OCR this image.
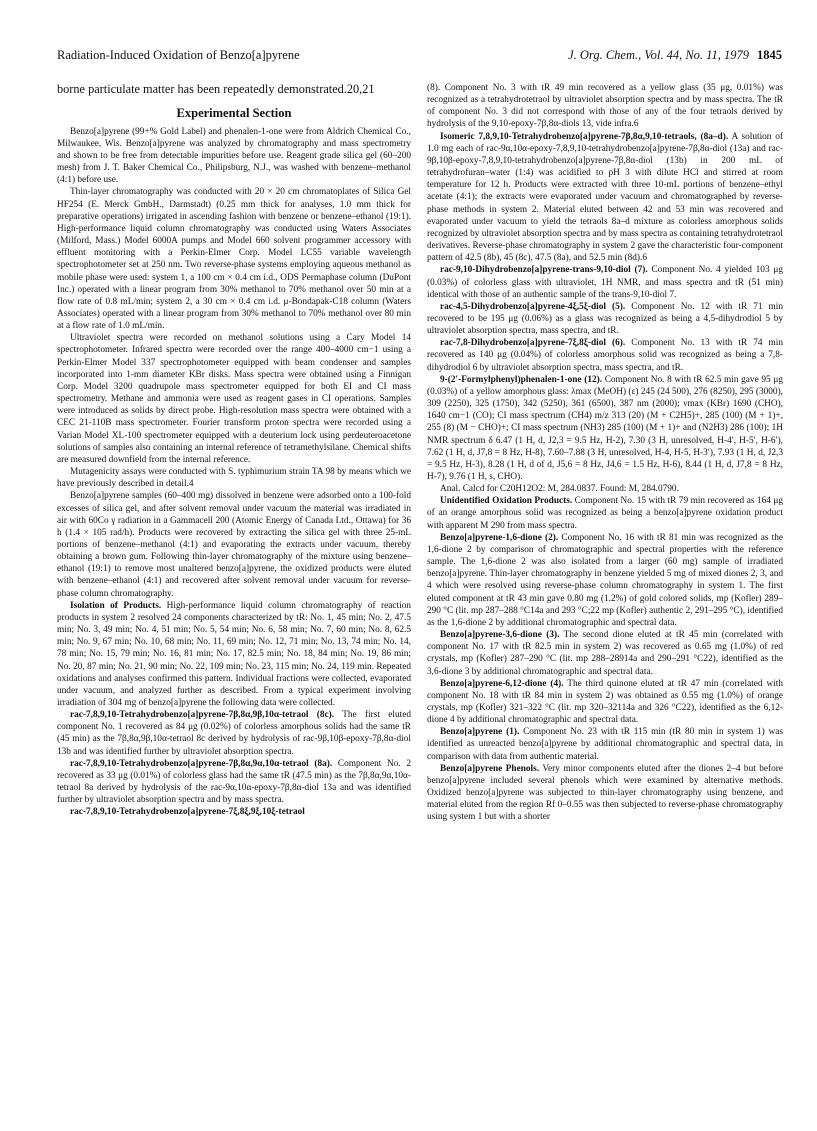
Radiation-Induced Oxidation of Benzo[a]pyrene	J. Org. Chem., Vol. 44, No. 11, 1979 1845

borne particulate matter has been repeatedly demonstrated.20,21

Experimental Section

Benzo[a]pyrene (99+% Gold Label) and phenalen-1-one were from Aldrich Chemical Co., Milwaukee, Wis. Benzo[a]pyrene was analyzed by chromatography and mass spectrometry and shown to be free from detectable impurities before use. Reagent grade silica gel (60–200 mesh) from J. T. Baker Chemical Co., Philipsburg, N.J., was washed with benzene–methanol (4:1) before use.

Thin-layer chromatography was conducted with 20 × 20 cm chromatoplates of Silica Gel HF254 (E. Merck GmbH., Darmstadt) (0.25 mm thick for analyses, 1.0 mm thick for preparative operations) irrigated in ascending fashion with benzene or benzene–ethanol (19:1). High-performance liquid column chromatography was conducted using Waters Associates (Milford, Mass.) Model 6000A pumps and Model 660 solvent programmer accessory with effluent monitoring with a Perkin-Elmer Corp. Model LC55 variable wavelength spectrophotometer set at 250 nm. Two reverse-phase systems employing aqueous methanol as mobile phase were used: system 1, a 100 cm × 0.4 cm i.d., ODS Permaphase column (DuPont Inc.) operated with a linear program from 30% methanol to 70% methanol over 50 min at a flow rate of 0.8 mL/min; system 2, a 30 cm × 0.4 cm i.d. μ-Bondapak-C18 column (Waters Associates) operated with a linear program from 30% methanol to 70% methanol over 80 min at a flow rate of 1.0 mL/min.

Ultraviolet spectra were recorded on methanol solutions using a Cary Model 14 spectrophotometer. Infrared spectra were recorded over the range 400–4000 cm−1 using a Perkin-Elmer Model 337 spectrophotometer equipped with beam condenser and samples incorporated into 1-mm diameter KBr disks. Mass spectra were obtained using a Finnigan Corp. Model 3200 quadrupole mass spectrometer equipped for both EI and CI mass spectrometry. Methane and ammonia were used as reagent gases in CI operations. Samples were introduced as solids by direct probe. High-resolution mass spectra were obtained with a CEC 21-110B mass spectrometer. Fourier transform proton spectra were recorded using a Varian Model XL-100 spectrometer equipped with a deuterium lock using perdeuteroacetone solutions of samples also containing an internal reference of tetramethylsilane. Chemical shifts are measured downfield from the internal reference.

Mutagenicity assays were conducted with S. typhimurium strain TA 98 by means which we have previously described in detail.4

Benzo[a]pyrene samples (60–400 mg) dissolved in benzene were adsorbed onto a 100-fold excesses of silica gel, and after solvent removal under vacuum the material was irradiated in air with 60Co γ radiation in a Gammacell 200 (Atomic Energy of Canada Ltd., Ottawa) for 36 h (1.4 × 105 rad/h). Products were recovered by extracting the silica gel with three 25-mL portions of benzene–methanol (4:1) and evaporating the extracts under vacuum, thereby obtaining a brown gum. Following thin-layer chromatography of the mixture using benzene–ethanol (19:1) to remove most unaltered benzo[a]pyrene, the oxidized products were eluted with benzene–ethanol (4:1) and recovered after solvent removal under vacuum for reverse-phase column chromatography.

Isolation of Products. High-performance liquid column chromatography of reaction products in system 2 resolved 24 components characterized by tR: No. 1, 45 min; No. 2, 47.5 min; No. 3, 49 min; No. 4, 51 min; No. 5, 54 min; No. 6, 58 min; No. 7, 60 min; No. 8, 62.5 min; No. 9, 67 min; No. 10, 68 min; No. 11, 69 min; No. 12, 71 min; No. 13, 74 min; No. 14, 78 min; No. 15, 79 min; No. 16, 81 min; No. 17, 82.5 min; No. 18, 84 min; No. 19, 86 min; No. 20, 87 min; No. 21, 90 min; No. 22, 109 min; No. 23, 115 min; No. 24, 119 min. Repeated oxidations and analyses confirmed this pattern. Individual fractions were collected, evaporated under vacuum, and analyzed further as described. From a typical experiment involving irradiation of 304 mg of benzo[a]pyrene the following data were collected.

rac-7,8,9,10-Tetrahydrobenzo[a]pyrene-7β,8α,9β,10α-tetraol (8c). The first eluted component No. 1 recovered as 84 μg (0.02%) of colorless amorphous solids had the same tR (45 min) as the 7β,8α,9β,10α-tetraol 8c derived by hydrolysis of rac-9β,10β-epoxy-7β,8α-diol 13b and was identified further by ultraviolet absorption spectra.

rac-7,8,9,10-Tetrahydrobenzo[a]pyrene-7β,8α,9α,10α-tetraol (8a). Component No. 2 recovered as 33 μg (0.01%) of colorless glass had the same tR (47.5 min) as the 7β,8α,9α,10α-tetraol 8a derived by hydrolysis of the rac-9α,10α-epoxy-7β,8α-diol 13a and was identified further by ultraviolet absorption spectra and by mass spectra.

rac-7,8,9,10-Tetrahydrobenzo[a]pyrene-7ξ,8ξ,9ξ,10ξ-tetraol

(8). Component No. 3 with tR 49 min recovered as a yellow glass (35 μg, 0.01%) was recognized as a tetrahydrotetraol by ultraviolet absorption spectra and by mass spectra. The tR of component No. 3 did not correspond with those of any of the four tetraols derived by hydrolysis of the 9,10-epoxy-7β,8α-diols 13, vide infra.6

Isomeric 7,8,9,10-Tetrahydrobenzo[a]pyrene-7β,8α,9,10-tetraols, (8a–d). A solution of 1.0 mg each of rac-9α,10α-epoxy-7,8,9,10-tetrahydrobenzo[a]pyrene-7β,8α-diol (13a) and rac-9β,10β-epoxy-7,8,9,10-tetrahydrobenzo[a]pyrene-7β,8α-diol (13b) in 200 mL of tetrahydrofuran–water (1:4) was acidified to pH 3 with dilute HCl and stirred at room temperature for 12 h. Products were extracted with three 10-mL portions of benzene–ethyl acetate (4:1); the extracts were evaporated under vacuum and chromatographed by reverse-phase methods in system 2. Material eluted between 42 and 53 min was recovered and evaporated under vacuum to yield the tetraols 8a–d mixture as colorless amorphous solids recognized by ultraviolet absorption spectra and by mass spectra as containing tetrahydrotetraol derivatives. Reverse-phase chromatography in system 2 gave the characteristic four-component pattern of 42.5 (8b), 45 (8c), 47.5 (8a), and 52.5 min (8d).6

rac-9,10-Dihydrobenzo[a]pyrene-trans-9,10-diol (7). Component No. 4 yielded 103 μg (0.03%) of colorless glass with ultraviolet, 1H NMR, and mass spectra and tR (51 min) identical with those of an authentic sample of the trans-9,10-diol 7.

rac-4,5-Dihydrobenzo[a]pyrene-4ξ,5ξ-diol (5). Component No. 12 with tR 71 min recovered to be 195 μg (0.06%) as a glass was recognized as being a 4,5-dihydrodiol 5 by ultraviolet absorption spectra, mass spectra, and tR.

rac-7,8-Dihydrobenzo[a]pyrene-7ξ,8ξ-diol (6). Component No. 13 with tR 74 min recovered as 140 μg (0.04%) of colorless amorphous solid was recognized as being a 7,8-dihydrodiol 6 by ultraviolet absorption spectra, mass spectra, and tR.

9-(2′-Formylphenyl)phenalen-1-one (12). Component No. 8 with tR 62.5 min gave 95 μg (0.03%) of a yellow amorphous glass: λmax (MeOH) (ε) 245 (24 500), 276 (8250), 295 (3000), 309 (2250), 325 (1750), 342 (5250), 361 (6500), 387 nm (2000); νmax (KBr) 1690 (CHO), 1640 cm−1 (CO); CI mass spectrum (CH4) m/z 313 (20) (M + C2H5)+, 285 (100) (M + 1)+, 255 (8) (M − CHO)+; CI mass spectrum (NH3) 285 (100) (M + 1)+ and (N2H3) 286 (100); 1H NMR spectrum δ 6.47 (1 H, d, J2,3 = 9.5 Hz, H-2), 7.30 (3 H, unresolved, H-4′, H-5′, H-6′), 7.62 (1 H, d, J7,8 = 8 Hz, H-8), 7.60–7.88 (3 H, unresolved, H-4, H-5, H-3′), 7.93 (1 H, d, J2,3 = 9.5 Hz, H-3), 8.28 (1 H, d of d, J5,6 = 8 Hz, J4,6 = 1.5 Hz, H-6), 8.44 (1 H, d, J7,8 = 8 Hz, H-7), 9.76 (1 H, s, CHO).

Anal. Calcd for C20H12O2: M, 284.0837. Found: M, 284.0790.

Unidentified Oxidation Products. Component No. 15 with tR 79 min recovered as 164 μg of an orange amorphous solid was recognized as being a benzo[a]pyrene oxidation product with apparent M 290 from mass spectra.

Benzo[a]pyrene-1,6-dione (2). Component No. 16 with tR 81 min was recognized as the 1,6-dione 2 by comparison of chromatographic and spectral properties with the reference sample. The 1,6-dione 2 was also isolated from a larger (60 mg) sample of irradiated benzo[a]pyrene. Thin-layer chromatography in benzene yielded 5 mg of mixed diones 2, 3, and 4 which were resolved using reverse-phase column chromatography in system 1. The first eluted component at tR 43 min gave 0.80 mg (1.2%) of gold colored solids, mp (Kofler) 289–290 °C (lit. mp 287–288 °C14a and 293 °C;22 mp (Kofler) authentic 2, 291–295 °C), identified as the 1,6-dione 2 by additional chromatographic and spectral data.

Benzo[a]pyrene-3,6-dione (3). The second dione eluted at tR 45 min (correlated with component No. 17 with tR 82.5 min in system 2) was recovered as 0.65 mg (1.0%) of red crystals, mp (Kofler) 287–290 °C (lit. mp 288–28914a and 290–291 °C22), identified as the 3,6-dione 3 by additional chromatographic and spectral data.

Benzo[a]pyrene-6,12-dione (4). The third quinone eluted at tR 47 min (correlated with component No. 18 with tR 84 min in system 2) was obtained as 0.55 mg (1.0%) of orange crystals, mp (Kofler) 321–322 °C (lit. mp 320–32114a and 326 °C22), identified as the 6,12-dione 4 by additional chromatographic and spectral data.

Benzo[a]pyrene (1). Component No. 23 with tR 115 min (tR 80 min in system 1) was identified as unreacted benzo[a]pyrene by additional chromatographic and spectral data, in comparison with data from authentic material.

Benzo[a]pyrene Phenols. Very minor components eluted after the diones 2–4 but before benzo[a]pyrene included several phenols which were examined by alternative methods. Oxidized benzo[a]pyrene was subjected to thin-layer chromatography using benzene, and material eluted from the region Rf 0–0.55 was then subjected to reverse-phase chromatography using system 1 but with a shorter
